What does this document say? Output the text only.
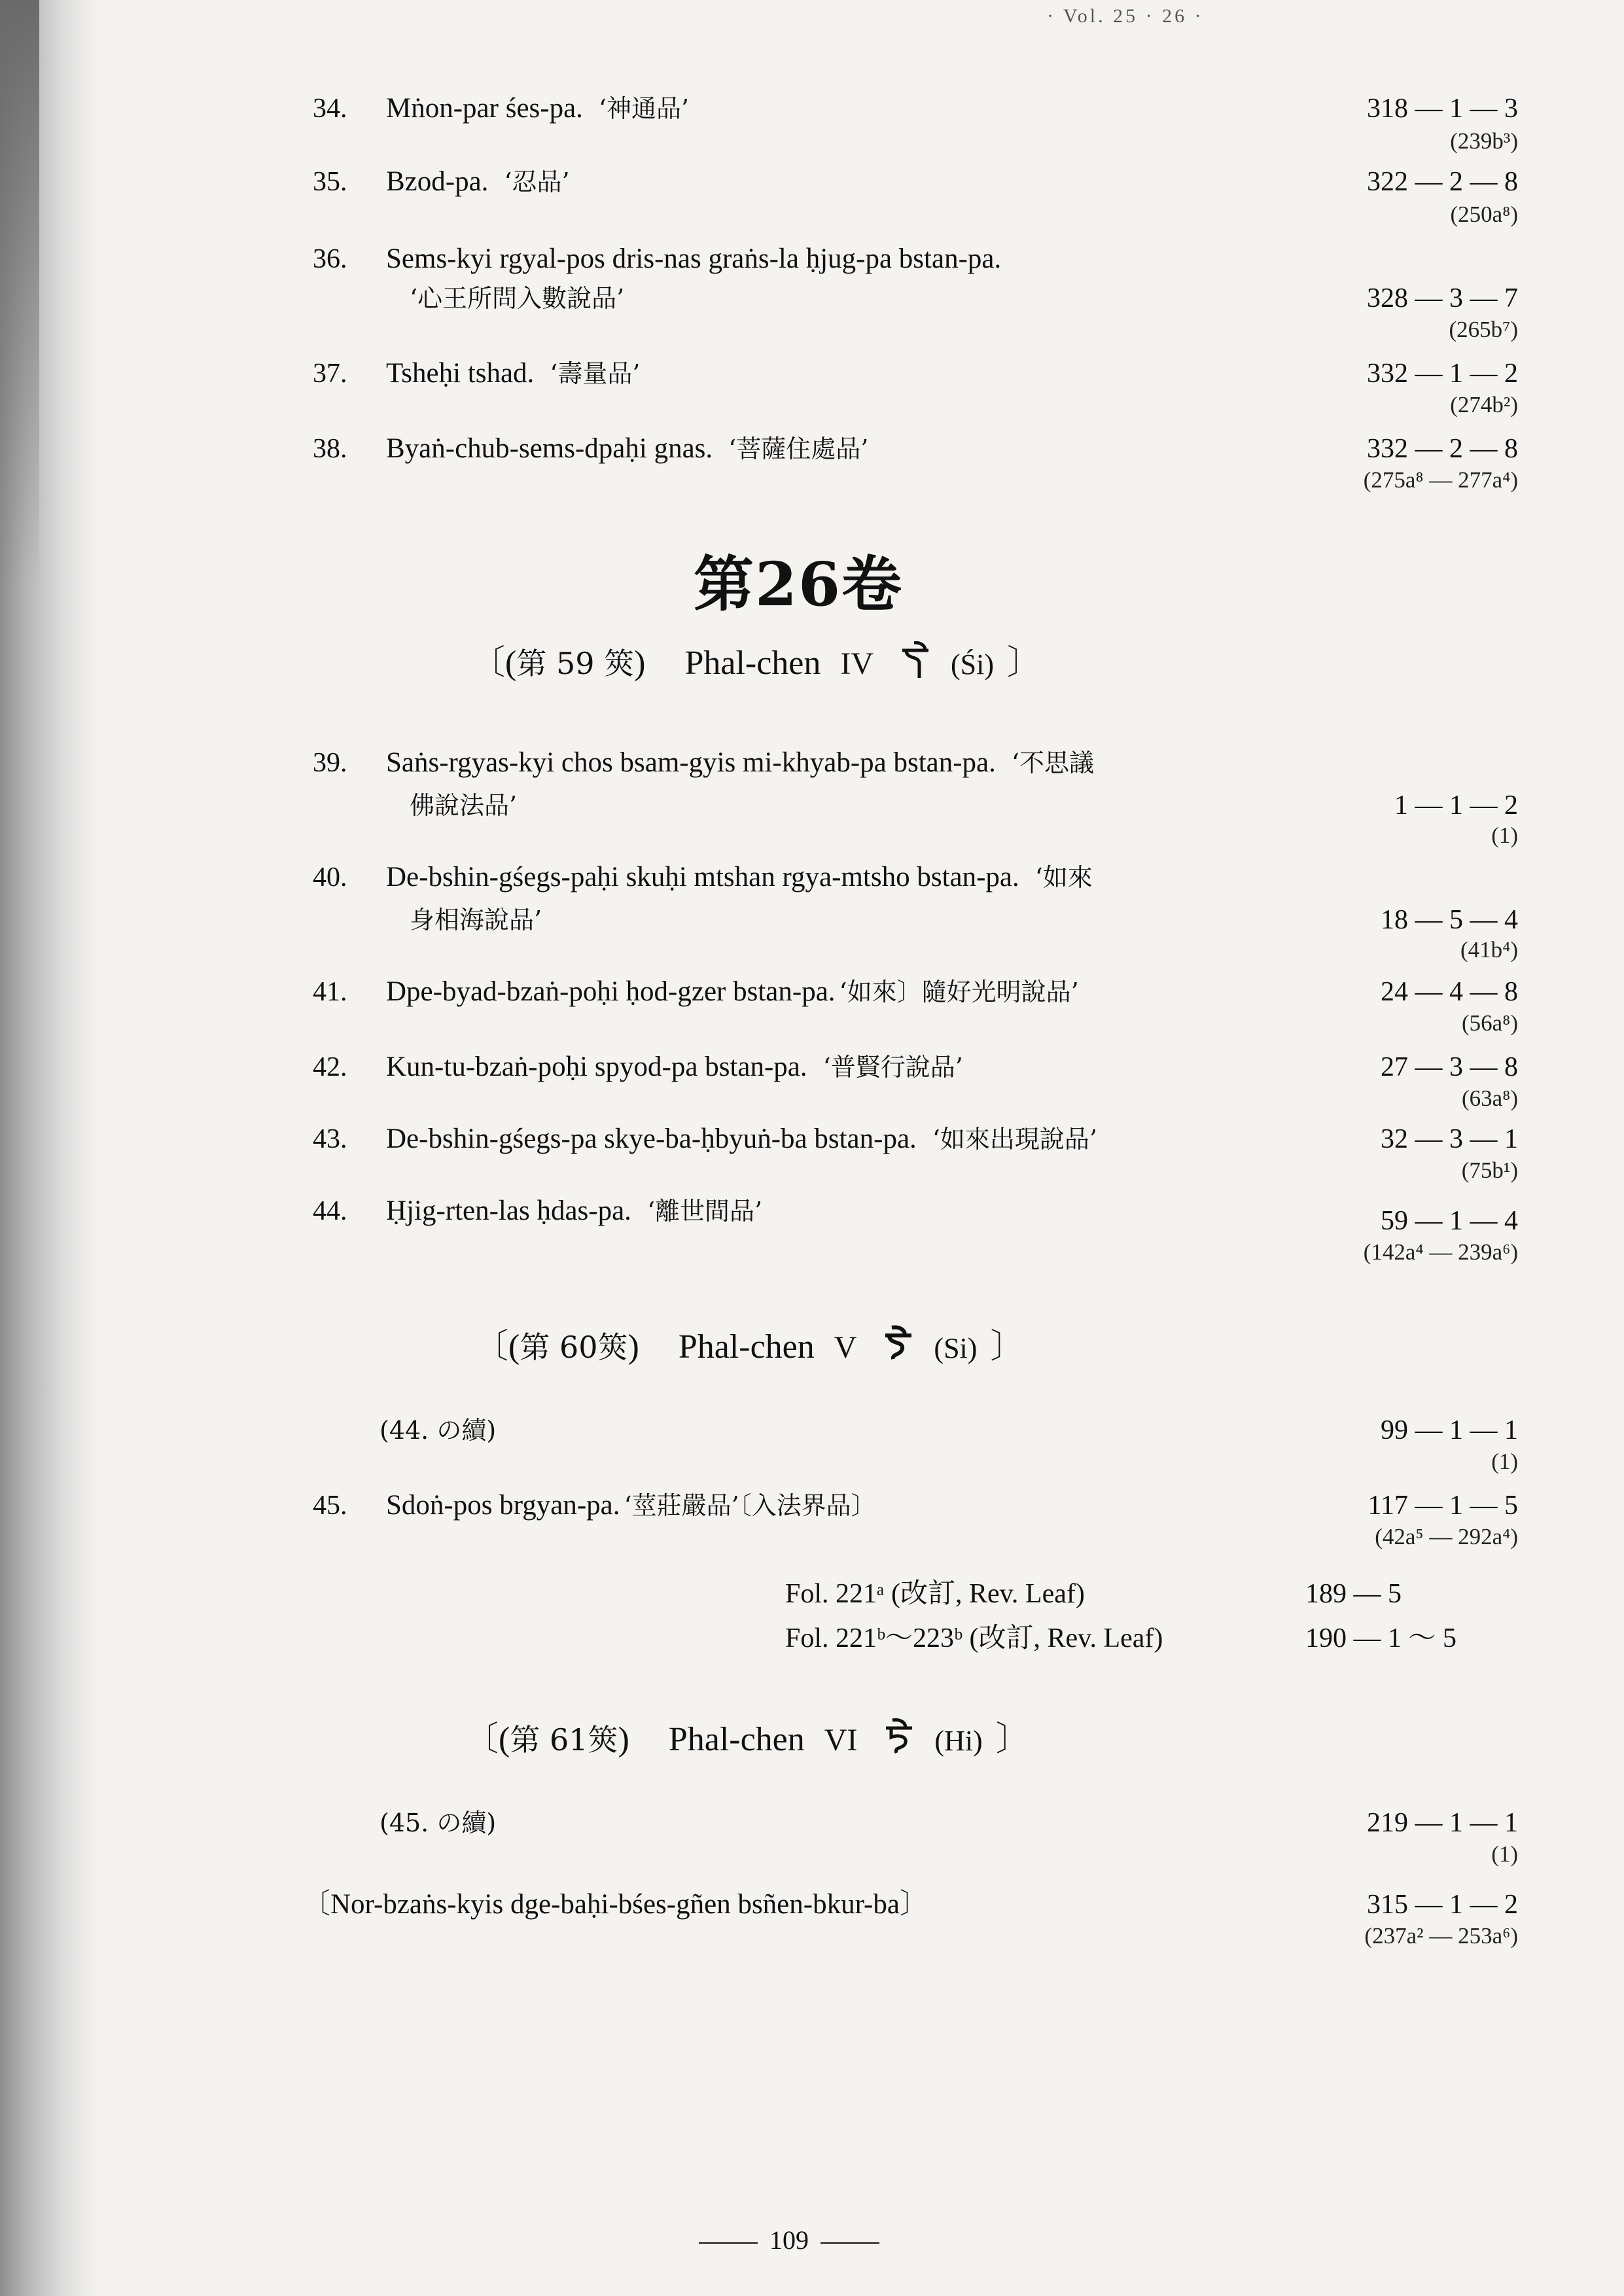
· Vol. 25 · 26 ·
34. Mṅon-par śes-pa. ‘神通品’	318 — 1 — 3
(239b³)
35. Bzod-pa. ‘忍品’	322 — 2 — 8
(250a⁸)
36. Sems-kyi rgyal-pos dris-nas graṅs-la ḥjug-pa bstan-pa.
‘心王所問入數說品’	328 — 3 — 7
(265b⁷)
37. Tsheḥi tshad. ‘壽量品’	332 — 1 — 2
(274b²)
38. Byaṅ-chub-sems-dpaḥi gnas. ‘菩薩住處品’	332 — 2 — 8
(275a⁸ — 277a⁴)
第26卷
〔(第 59 筴) Phal-chen IV	(Śi) 〕
39. Saṅs-rgyas-kyi chos bsam-gyis mi-khyab-pa bstan-pa. ‘不思議
佛說法品’	1 — 1 — 2
(1)
40. De-bshin-gśegs-paḥi skuḥi mtshan rgya-mtsho bstan-pa. ‘如來
身相海說品’	18 — 5 — 4
(41b⁴)
41. Dpe-byad-bzaṅ-poḥi ḥod-gzer bstan-pa. ‘如來〕隨好光明說品’	24 — 4 — 8
(56a⁸)
42. Kun-tu-bzaṅ-poḥi spyod-pa bstan-pa. ‘普賢行說品’	27 — 3 — 8
(63a⁸)
43. De-bshin-gśegs-pa skye-ba-ḥbyuṅ-ba bstan-pa. ‘如來出現說品’	32 — 3 — 1
(75b¹)
44. Ḥjig-rten-las ḥdas-pa. ‘離世間品’	59 — 1 — 4
(142a⁴ — 239a⁶)
〔(第 60筴) Phal-chen V	(Si) 〕
(44. の續)	99 — 1 — 1
(1)
45. Sdoṅ-pos brgyan-pa. ‘莖莊嚴品’〔入法界品〕	117 — 1 — 5
(42a⁵ — 292a⁴)
Fol. 221ᵃ (改訂, Rev. Leaf)	189 — 5
Fol. 221ᵇ～223ᵇ (改訂, Rev. Leaf)	190 — 1 ～ 5
〔(第 61筴) Phal-chen VI	(Hi) 〕
(45. の續)	219 — 1 — 1
(1)
〔Nor-bzaṅs-kyis dge-baḥi-bśes-gñen bsñen-bkur-ba〕	315 — 1 — 2
(237a² — 253a⁶)
109
